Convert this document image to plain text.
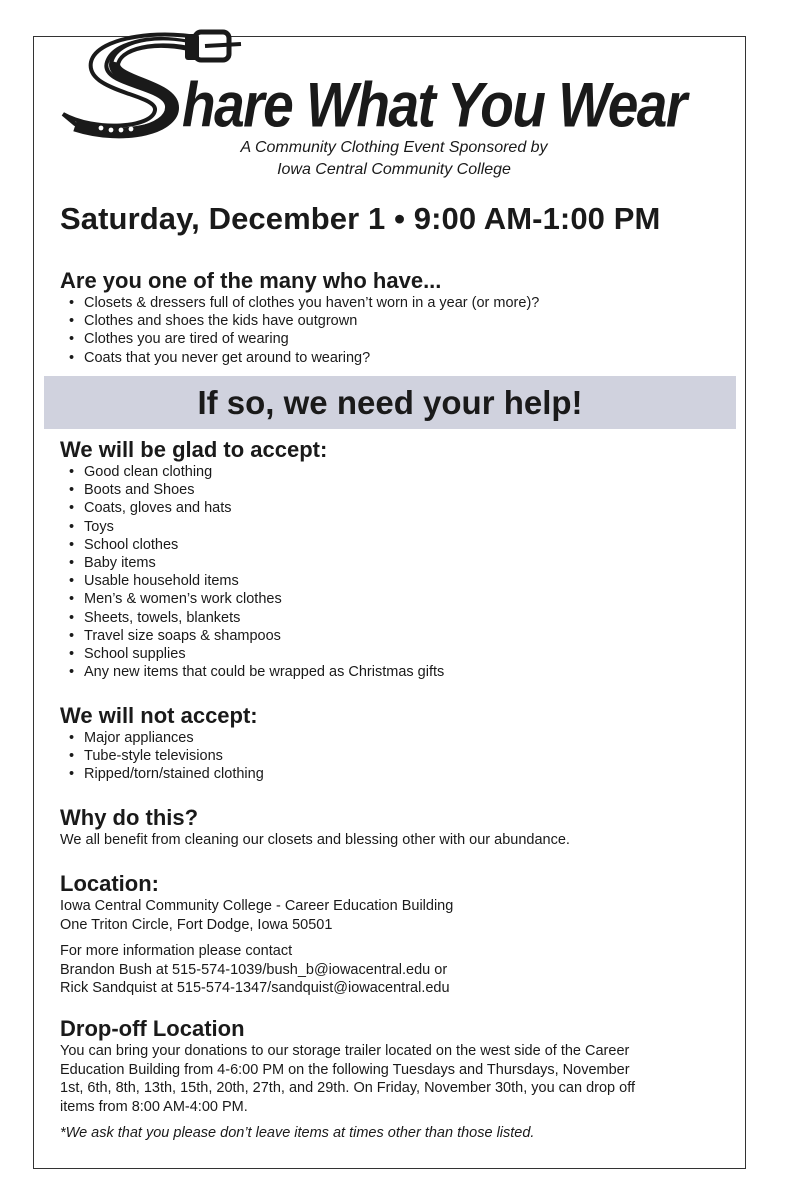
hare What You Wear
A Community Clothing Event Sponsored by
Iowa Central Community College
Saturday, December 1 • 9:00 AM-1:00 PM

Are you one of the many who have...

• Closets & dressers full of clothes you haven’t worn in a year (or more)?
• Clothes and shoes the kids have outgrown
• Clothes you are tired of wearing
• Coats that you never get around to wearing?
If so, we need your help!

We will be glad to accept:

• Good clean clothing
• Boots and Shoes
• Coats, gloves and hats
• Toys
• School clothes
• Baby items
• Usable household items
• Men’s & women’s work clothes
• Sheets, towels, blankets
• Travel size soaps & shampoos
• School supplies
• Any new items that could be wrapped as Christmas gifts

We will not accept:

• Major appliances
• Tube-style televisions
• Ripped/torn/stained clothing

Why do this?

We all benefit from cleaning our closets and blessing other with our abundance.

Location:

Iowa Central Community College - Career Education Building

One Triton Circle, Fort Dodge, Iowa 50501

For more information please contact

Brandon Bush at 515-574-1039/bush_b@iowacentral.edu or

Rick Sandquist at 515-574-1347/sandquist@iowacentral.edu

Drop-off Location

You can bring your donations to our storage trailer located on the west side of the Career

Education Building from 4-6:00 PM on the following Tuesdays and Thursdays, November

1st, 6th, 8th, 13th, 15th, 20th, 27th, and 29th. On Friday, November 30th, you can drop off

items from 8:00 AM-4:00 PM.

*We ask that you please don’t leave items at times other than those listed.
